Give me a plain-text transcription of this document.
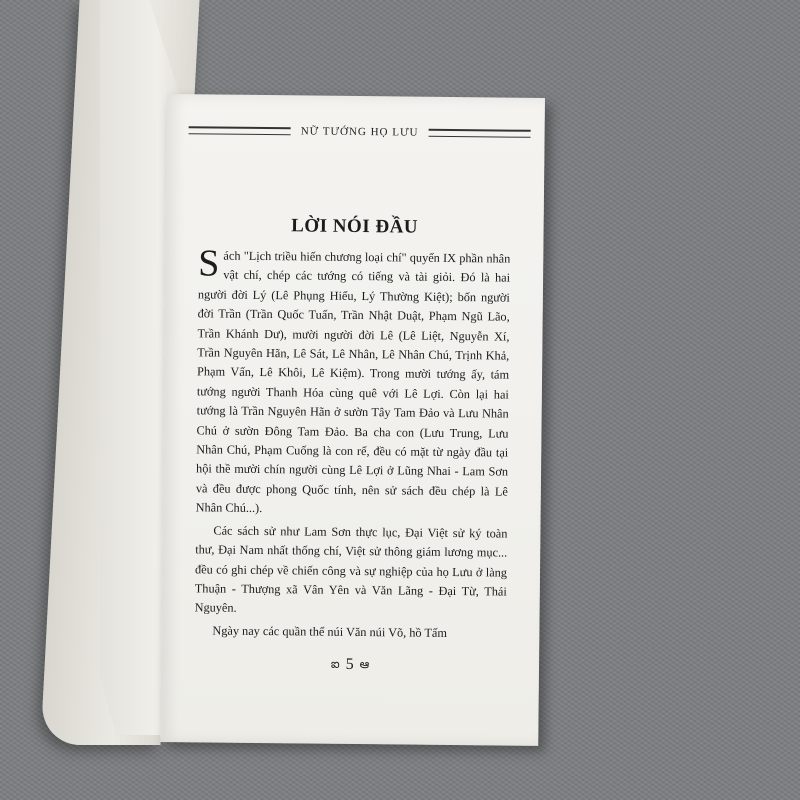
NỮ TƯỚNG HỌ LƯU
LỜI NÓI ĐẦU

S ách "Lịch triều hiến chương loại chí" quyển IX phần nhân vật chí, chép các tướng có tiếng và tài giỏi. Đó là hai người đời Lý (Lê Phụng Hiểu, Lý Thường Kiệt); bốn người đời Trần (Trần Quốc Tuấn, Trần Nhật Duật, Phạm Ngũ Lão, Trần Khánh Dư), mười người đời Lê (Lê Liệt, Nguyễn Xí, Trần Nguyên Hãn, Lê Sát, Lê Nhân, Lê Nhân Chú, Trịnh Khả, Phạm Vấn, Lê Khôi, Lê Kiệm). Trong mười tướng ấy, tám tướng người Thanh Hóa cùng quê với Lê Lợi. Còn lại hai tướng là Trần Nguyên Hãn ở sườn Tây Tam Đảo và Lưu Nhân Chú ở sườn Đông Tam Đảo. Ba cha con (Lưu Trung, Lưu Nhân Chú, Phạm Cuống là con rể, đều có mặt từ ngày đầu tại hội thề mười chín người cùng Lê Lợi ở Lũng Nhai - Lam Sơn và đều được phong Quốc tính, nên sử sách đều chép là Lê Nhân Chú...).

Các sách sử như Lam Sơn thực lục, Đại Việt sử ký toàn thư, Đại Nam nhất thống chí, Việt sử thông giám lương mục... đều có ghi chép về chiến công và sự nghiệp của họ Lưu ở làng Thuận - Thượng xã Vân Yên và Văn Lãng - Đại Từ, Thái Nguyên.

Ngày nay các quần thể núi Văn núi Võ, hồ Tấm

ఐ 5 ఆ
